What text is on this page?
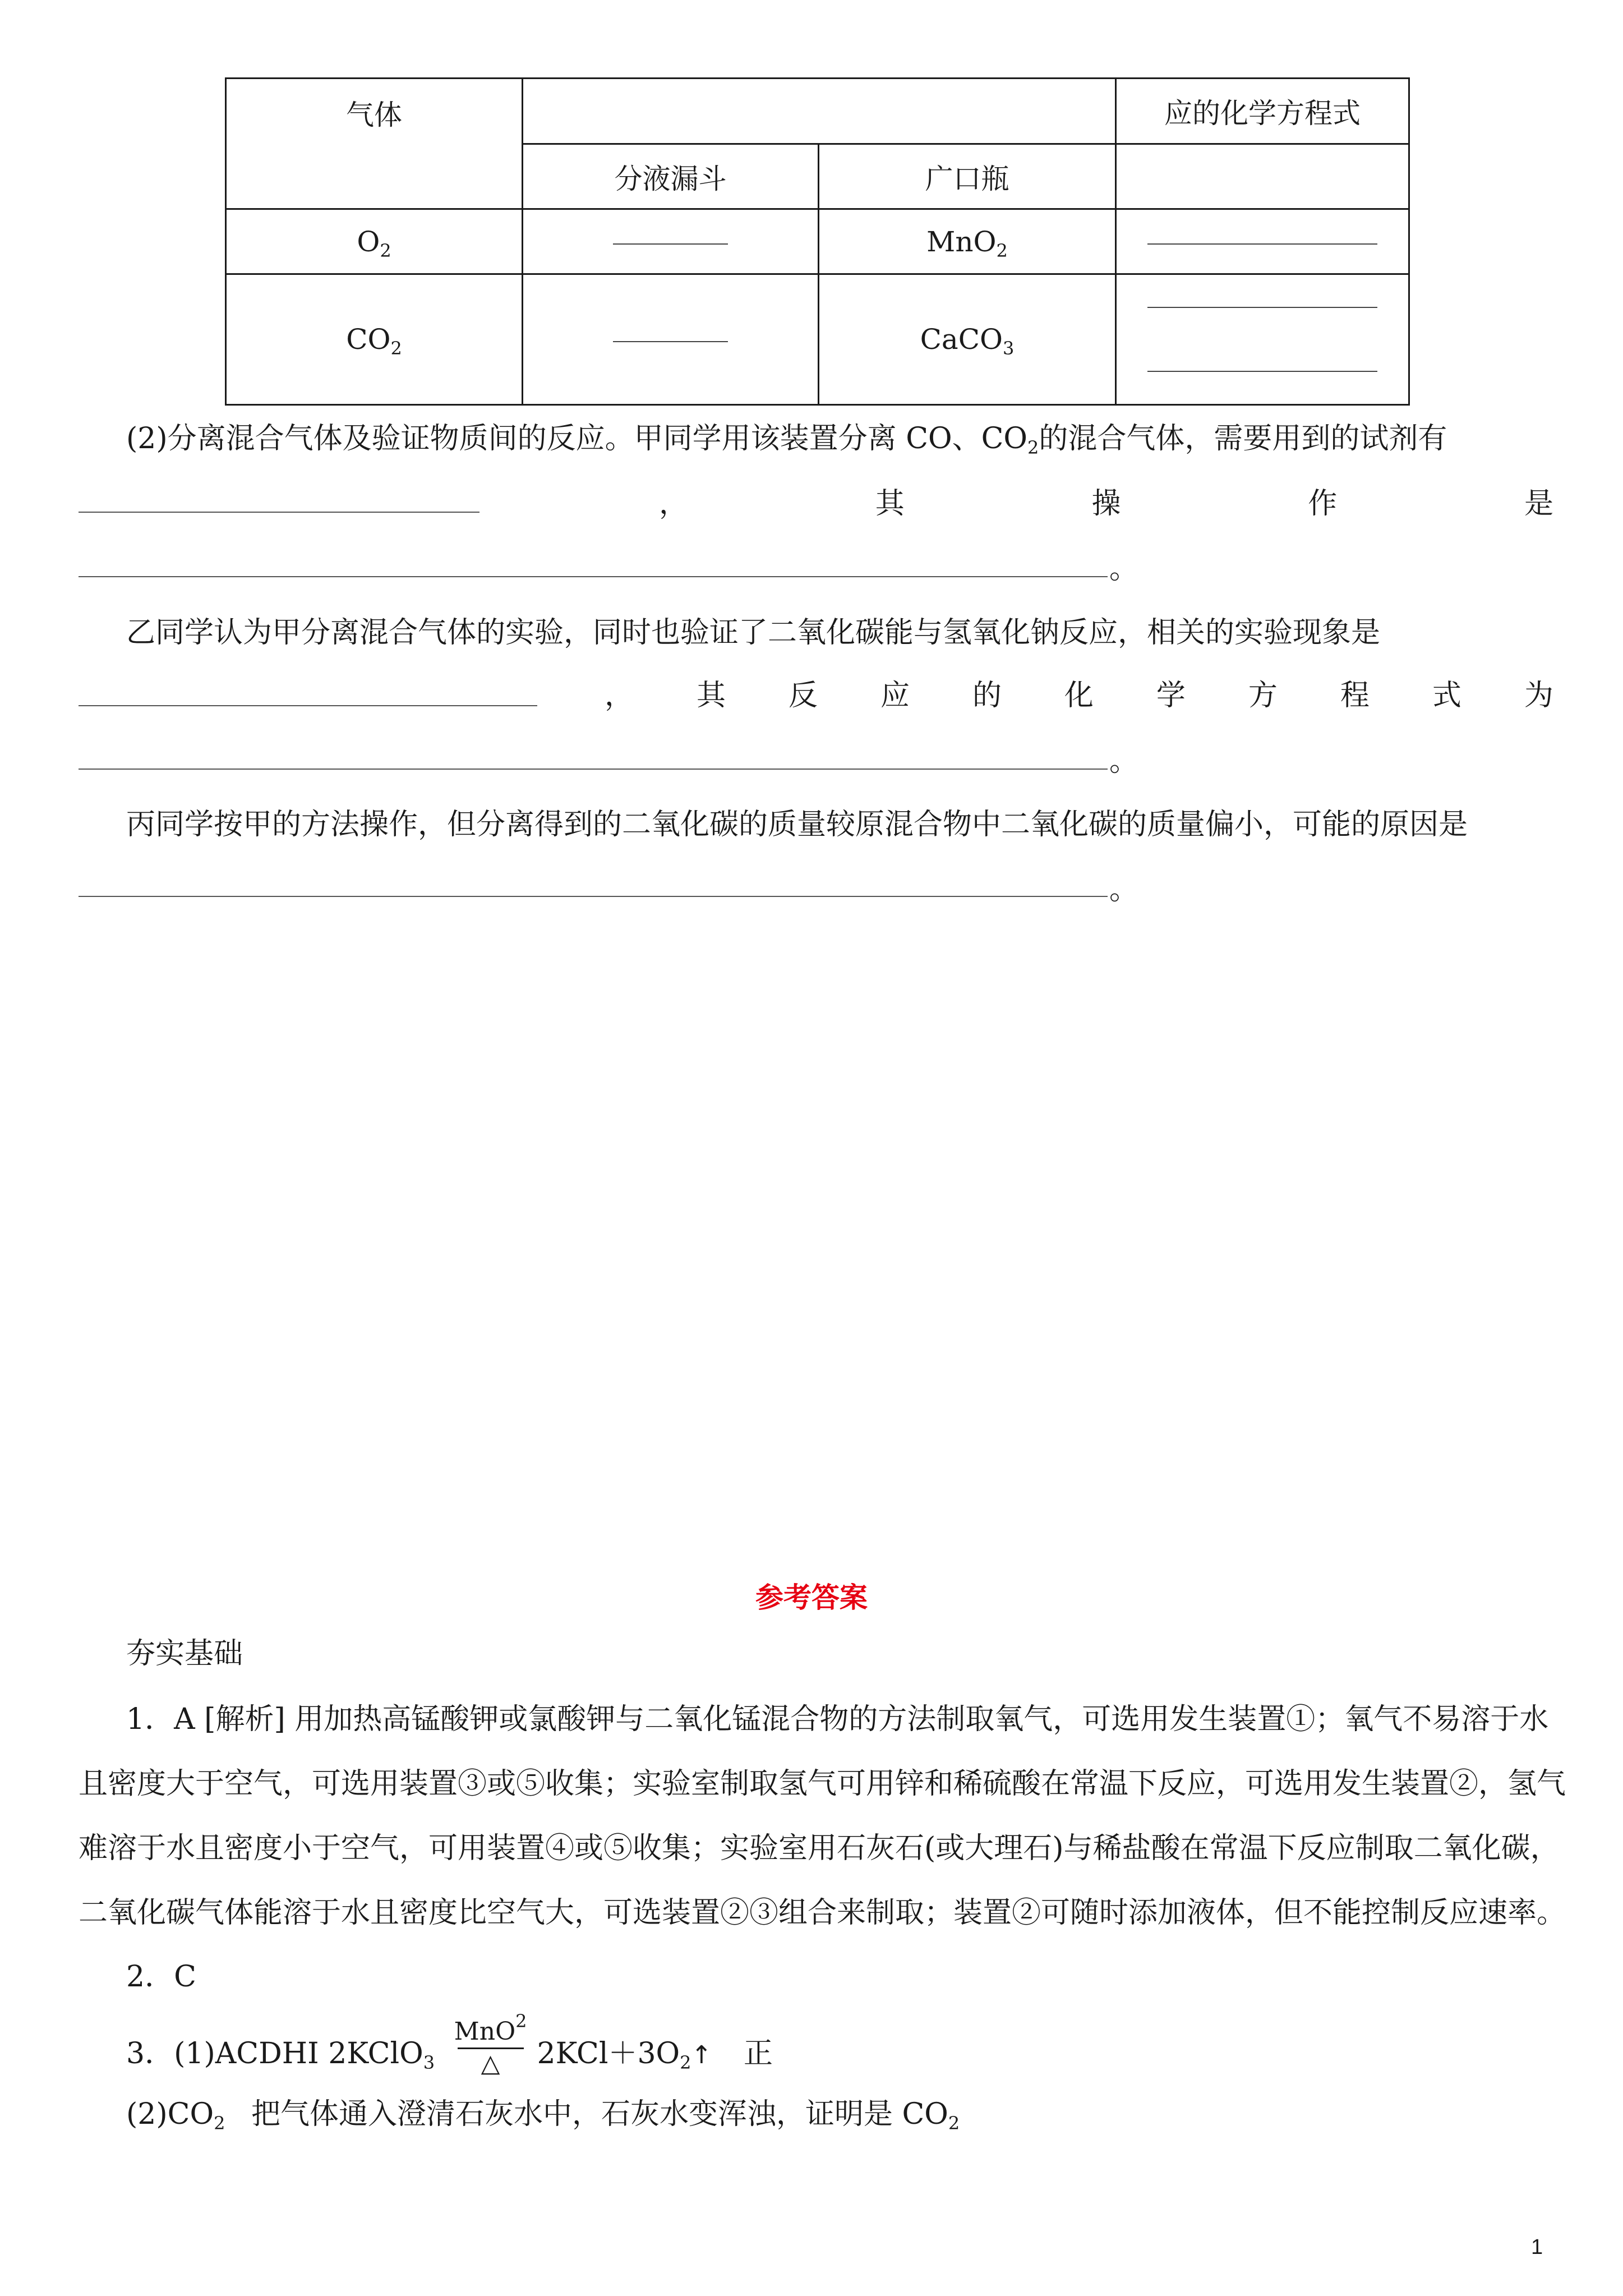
气体			应的化学方程式
	分液漏斗	广口瓶	
$O_2$		MnO$_2$	
$CO_2$		CaCO$_3$	
(2)分离混合气体及验证物质间的反应。甲同学用该装置分离 CO、$CO_2$的混合气体，需要用到的试剂有
，	其	操	作	是
。
乙同学认为甲分离混合气体的实验，同时也验证了二氧化碳能与氢氧化钠反应，相关的实验现象是
， 其 反 应 的 化 学 方 程 式 为
。
丙同学按甲的方法操作，但分离得到的二氧化碳的质量较原混合物中二氧化碳的质量偏小，可能的原因是
。
参考答案
夯实基础
1．A [解析] 用加热高锰酸钾或氯酸钾与二氧化锰混合物的方法制取氧气，可选用发生装置①；氧气不易溶于水
且密度大于空气，可选用装置③或⑤收集；实验室制取氢气可用锌和稀硫酸在常温下反应，可选用发生装置②，氢气
难溶于水且密度小于空气，可用装置④或⑤收集；实验室用石灰石(或大理石)与稀盐酸在常温下反应制取二氧化碳，
二氧化碳气体能溶于水且密度比空气大，可选装置②③组合来制取；装置②可随时添加液体，但不能控制反应速率。
2．C
3．(1)ACDHI 2KClO$_3$ $\frac{MnO^2}{\triangle}$ $2KCl+3O_2↑$ 正
$(2)CO_2$ 把气体通入澄清石灰水中，石灰水变浑浊，证明是 $CO_2$
1
